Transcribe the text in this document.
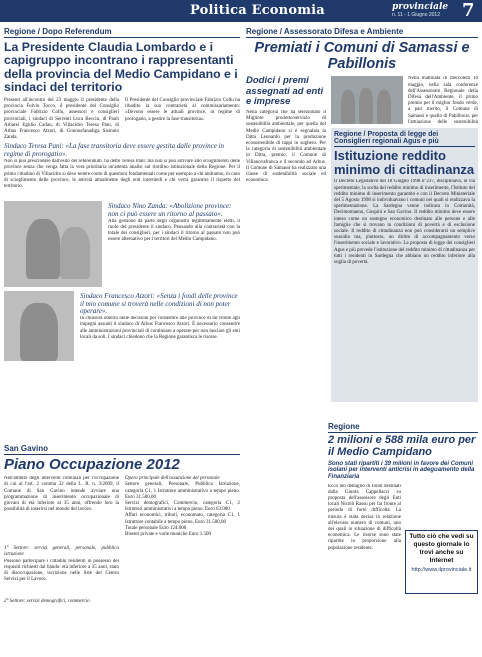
Politica Economia	provinciale
n. 11 - 1 Giugno 2012 7
Regione / Dopo Referendum
La Presidente Claudia Lombardo e i capigruppo incontrano i rappresentanti della provincia del Medio Campidano e i sindaci del territorio
Presenti all'incontro del 23 maggio il presidente della provincia Fulvio Tocco, il presidente del Consiglio provinciale Fabrizio Collu, assessori e consiglieri provinciali, i sindaci di Serrenti Luca Becciu, di Pauli Arbarei Egidio Cadau, di Villacidro Teresa Pani, di Arbus Francesco Atzori, di Gonnosfanadiga Sisinnio Zanda.
Il Presidente del Consiglio provinciale Fabrizio Collu ha ribadito la sua contrarietà al commissariamento: «Devono essere le attuali province, in regime di prorogatio, a gestire la fase transitoria».
Sindaco Teresa Pani: «La fase transitoria deve essere gestita dalle province in regime di prorogatio».
Non si può prescindere dall'esito del referendum. ha detto Teresa Pani: ma non si può arrivare allo scioglimento delle province senza che venga fatta la vera prioritaria un'attenta analisi sul riordino istituzionale della Regione. Per il primo cittadino di Villacidro si deve tenere conto di questioni fondamentali come per esempio a chi andranno, in caso di scioglimento delle province, le attività attualmente degli enti intermedi e chi verrà garantire il rispetto del territorio.
Sindaco Nino Zanda: «Abolizione province: non ci può essere un ritorno al passato».
Alla gestione da parte degli organismi legittimamente eletti, il ruolo del presidente il sindaco. Pensando alla contrarietà con la totale dei consiglieri, per i sindaci il ritorno al passato non può essere alternativo per i territori del Medio Campidano.
Sindaco Francesco Atzori: «Senza i fondi delle province il mio comune si troverà nelle condizioni di non poter operare».
In chiusura odierni nelle decisioni per consentire alle province di far fronte agli impegni assunti il sindaco di Arbus Francesco Atzori. È necessario consentire alle amministrazioni provinciali di continuare a operare per non lasciare gli enti locali da soli. I sindaci chiedono che la Regione garantisca le risorse.
San Gavino
Piano Occupazione 2012
Nell'ambito degli interventi comunali per l'occupazione di cui al l'art. 2 comma 32 della L. R. n. 3/2009, il Comune di San Gavino intende avviare una programmazione di inserimento occupazionale di giovani di età inferiore ai 35 anni, offrendo loro la possibilità di inserirsi nel mondo del lavoro.
1° Settore: servizi generali, personale, pubblica istruzione
Possono partecipare i cittadini residenti in possesso dei requisiti richiesti dal bando: età inferiore a 35 anni, stato di disoccupazione, iscrizione nelle liste del Centro Servizi per il Lavoro.
2° Settore: servizi demografici, commercio
Opera principale dell'assunzione del personale
Settore generali, Personale, Pubblica Istruzione, categoria C1, 1 Istruttore amministrativo a tempo pieno. Euro 31.500,00
Servizi demografici, Commercio, categoria C1, 2 Istruttori amministrativi a tempo pieno. Euro 63.000
Affari economici, tributi, economato, categoria C1, 1 Istruttore contabile a tempo pieno. Euro 31.500,00
Totale personale Euro 124.000
Bisenti private e varie muniche Euro 1.500
Regione / Assessorato Difesa e Ambiente
Premiati i Comuni di Samassi e Pabillonis
Dodici i premi assegnati ad enti e imprese
Nella categoria che ha selezionato il Migliore prodotto/servizio di sostenibilità ambientale, per quella del Medio Campidano si è segnalata la Ditta Leonardo per la produzione ecosostenibile di tappi in sughero. Per la categoria di sostenibilità ambientale in Ditta, premio, il Comune di Villanovafranca e il secondo ad Arbus. Il Comune di Samassi ha realizzato una classe di sostenibilità sociale ed economica.
Nella mattinata di mercoledì 16 maggio, nella sala conferenze dell'Assessorato Regionale della Difesa dell'Ambiente, il primo premio per il miglior fondo verde, a pari merito, il Comune di Samassi e quello di Pabillonis, per l'attuazione delle sostenibilità
Regione / Proposta di legge dei Consiglieri regionali Agus e più
Istituzione reddito minimo di cittadinanza
Il Decreto Legislativo del 18 Giugno 1998 n°237, disciplinava, in via sperimentale, la scelta del reddito minimo di inserimento, l'Istituto del reddito minimo di inserimento garantito e con il Decreto Ministeriale del 5 Agosto 1998 si individuavano i comuni nei quali si realizzava la sperimentazione. La Sardegna venne indicata in Comunità, Decimomannu, Guspini e San Gavino. Il reddito minimo deve essere inteso come un sostegno economico destinato alle persone e alle famiglie che si trovano in condizioni di povertà e di esclusione sociale. Il reddito di cittadinanza non può considerarsi un semplice sussidio ma, piuttosto, un diritto di accompagnamento verso l'inserimento sociale e lavorativo. La proposta di legge dei consiglieri Agus e più prevede l'istituzione del reddito minimo di cittadinanza per tutti i residenti in Sardegna che abbiano un reddito inferiore alla soglia di povertà.
Regione
2 milioni e 588 mila euro per il Medio Campidano
Sono stati ripartiti i 39 milioni in favore dei Comuni isolani per interventi anticrisi in adeguamento della Finanziaria
Ecco nel dettaglio di fondi destinati dalla Giunta Cappellacci su proposta dell'assessore degli Enti locali Nicolò Rassu per far fronte al periodo di forte difficoltà. La misura è stata decisa in relazione all'elevato numero di comuni, uno dei quali in situazione di difficoltà economica. Le risorse sono state ripartite in proporzione alla popolazione residente.
Tutto ciò che vedi su questo giornale lo trovi anche su Internet
http://www.ilprovinciale.it
